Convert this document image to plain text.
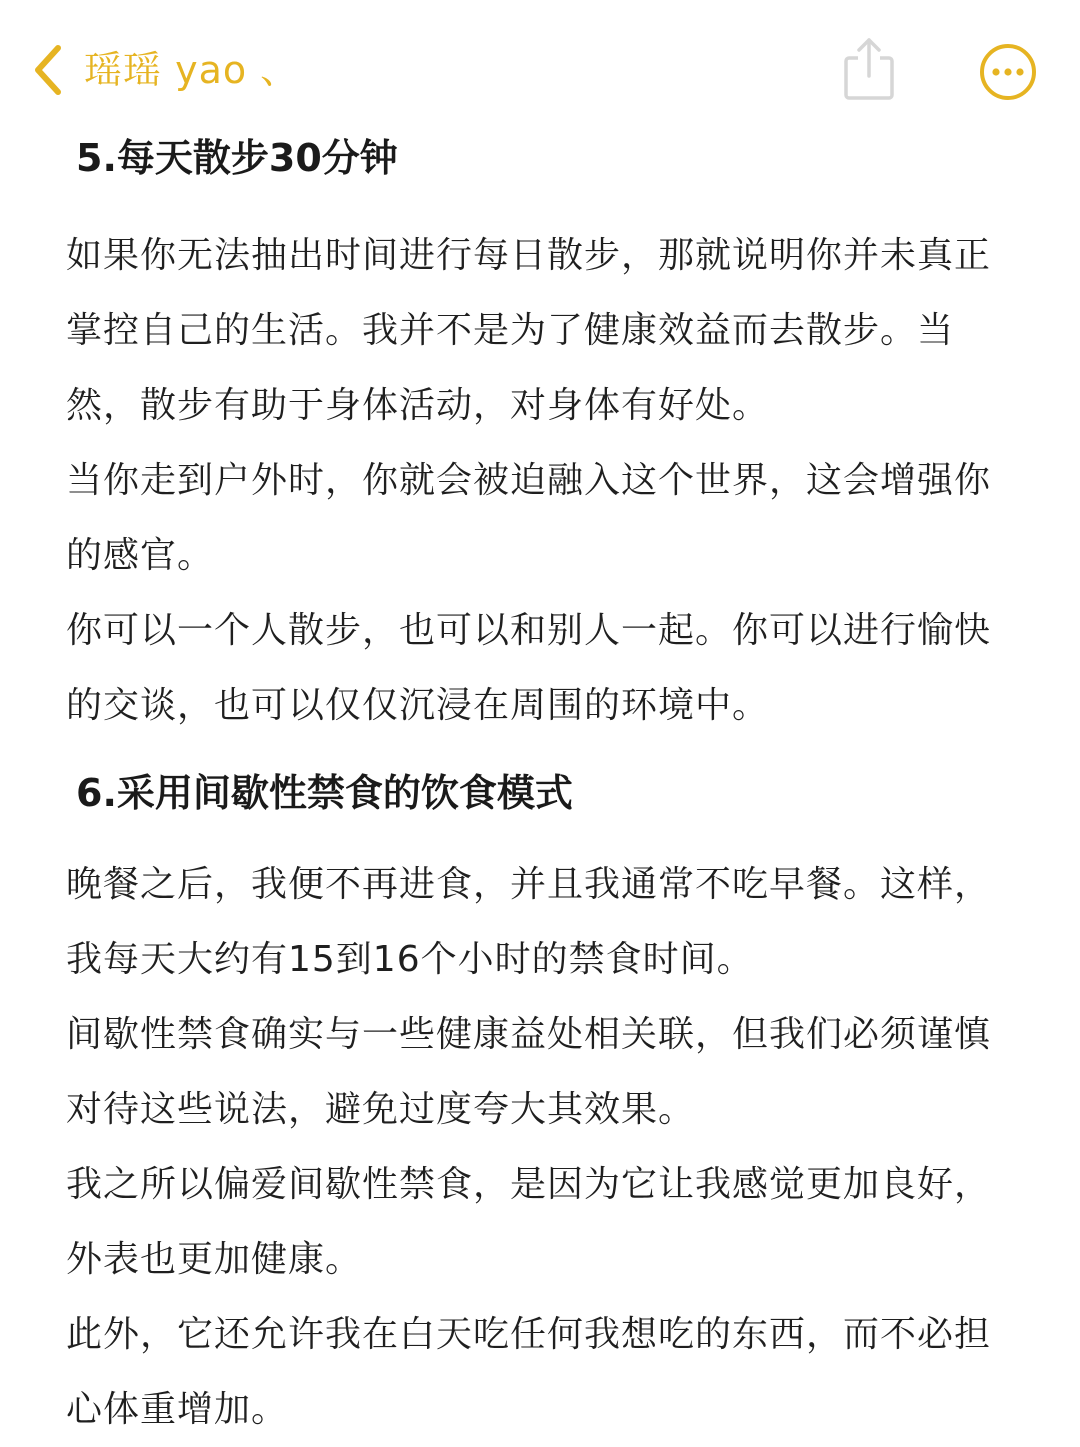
瑶瑶 yao 、
5.每天散步30分钟

如果你无法抽出时间进行每日散步，那就说明你并未真正掌控自己的生活。我并不是为了健康效益而去散步。当然，散步有助于身体活动，对身体有好处。

当你走到户外时，你就会被迫融入这个世界，这会增强你的感官。

你可以一个人散步，也可以和别人一起。你可以进行愉快的交谈，也可以仅仅沉浸在周围的环境中。

6.采用间歇性禁食的饮食模式

晚餐之后，我便不再进食，并且我通常不吃早餐。这样，我每天大约有15到16个小时的禁食时间。

间歇性禁食确实与一些健康益处相关联，但我们必须谨慎对待这些说法，避免过度夸大其效果。

我之所以偏爱间歇性禁食，是因为它让我感觉更加良好，外表也更加健康。

此外，它还允许我在白天吃任何我想吃的东西，而不必担心体重增加。
